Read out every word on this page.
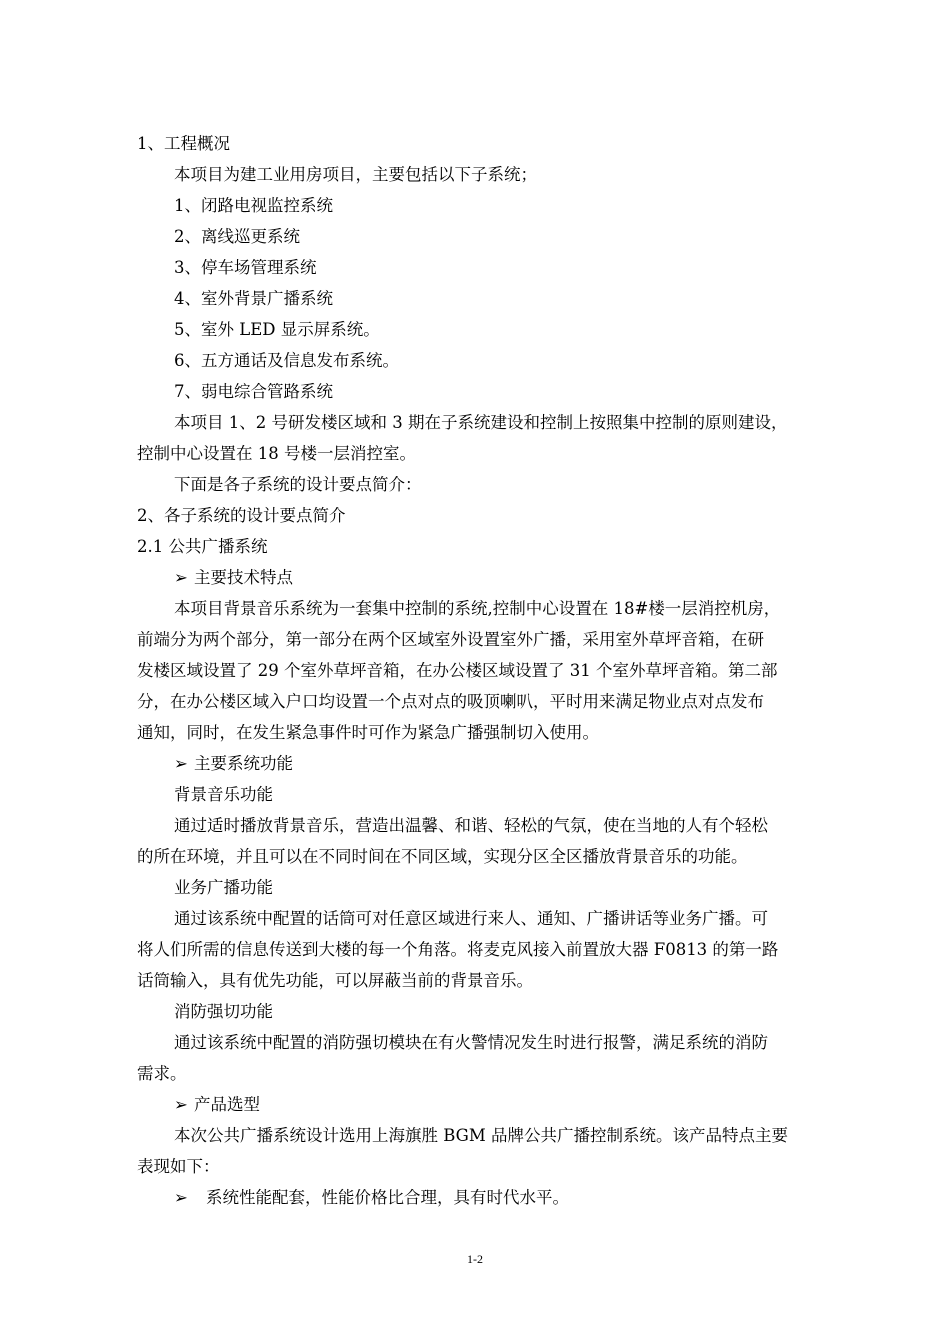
1、工程概况
本项目为建工业用房项目，主要包括以下子系统；
1、闭路电视监控系统
2、离线巡更系统
3、停车场管理系统
4、室外背景广播系统
5、室外 LED 显示屏系统。
6、五方通话及信息发布系统。
7、弱电综合管路系统
本项目 1、2 号研发楼区域和 3 期在子系统建设和控制上按照集中控制的原则建设，
控制中心设置在 18 号楼一层消控室。
下面是各子系统的设计要点简介：
2、各子系统的设计要点简介
2.1 公共广播系统
➢ 主要技术特点
本项目背景音乐系统为一套集中控制的系统,控制中心设置在 18#楼一层消控机房，
前端分为两个部分，第一部分在两个区域室外设置室外广播，采用室外草坪音箱，在研
发楼区域设置了 29 个室外草坪音箱，在办公楼区域设置了 31 个室外草坪音箱。第二部
分，在办公楼区域入户口均设置一个点对点的吸顶喇叭，平时用来满足物业点对点发布
通知，同时，在发生紧急事件时可作为紧急广播强制切入使用。
➢ 主要系统功能
背景音乐功能
通过适时播放背景音乐，营造出温馨、和谐、轻松的气氛，使在当地的人有个轻松
的所在环境，并且可以在不同时间在不同区域，实现分区全区播放背景音乐的功能。
业务广播功能
通过该系统中配置的话筒可对任意区域进行来人、通知、广播讲话等业务广播。可
将人们所需的信息传送到大楼的每一个角落。将麦克风接入前置放大器 F0813 的第一路
话筒输入，具有优先功能，可以屏蔽当前的背景音乐。
消防强切功能
通过该系统中配置的消防强切模块在有火警情况发生时进行报警，满足系统的消防
需求。
➢ 产品选型
本次公共广播系统设计选用上海旗胜 BGM 品牌公共广播控制系统。该产品特点主要
表现如下：
➢ 系统性能配套，性能价格比合理，具有时代水平。
1-2
